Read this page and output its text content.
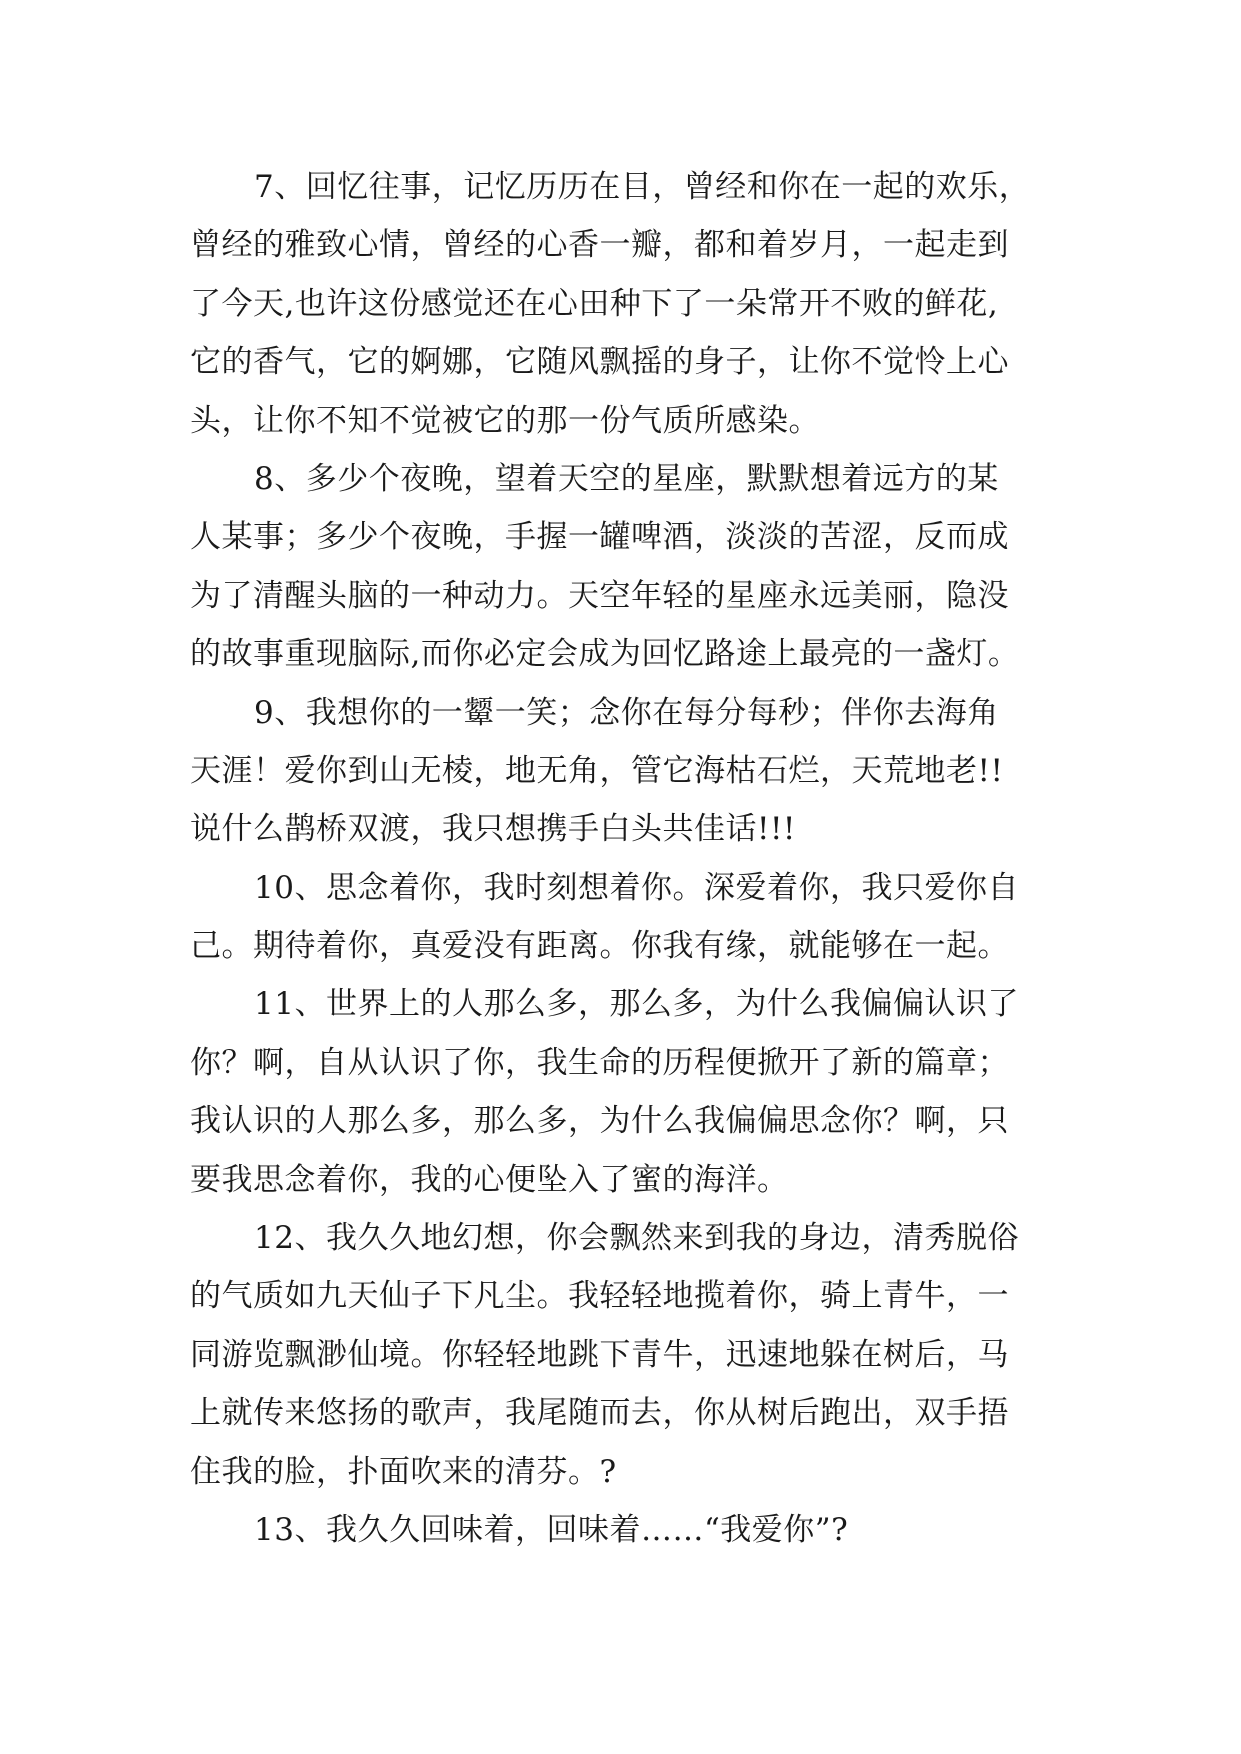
7、回忆往事，记忆历历在目，曾经和你在一起的欢乐，
曾经的雅致心情，曾经的心香一瓣，都和着岁月，一起走到
了今天,也许这份感觉还在心田种下了一朵常开不败的鲜花,
它的香气，它的婀娜，它随风飘摇的身子，让你不觉怜上心
头，让你不知不觉被它的那一份气质所感染。
8、多少个夜晚，望着天空的星座，默默想着远方的某
人某事；多少个夜晚，手握一罐啤酒，淡淡的苦涩，反而成
为了清醒头脑的一种动力。天空年轻的星座永远美丽，隐没
的故事重现脑际,而你必定会成为回忆路途上最亮的一盏灯。
9、我想你的一颦一笑；念你在每分每秒；伴你去海角
天涯！爱你到山无棱，地无角，管它海枯石烂，天荒地老!!
说什么鹊桥双渡，我只想携手白头共佳话!!!
10、思念着你，我时刻想着你。深爱着你，我只爱你自
己。期待着你，真爱没有距离。你我有缘，就能够在一起。
11、世界上的人那么多，那么多，为什么我偏偏认识了
你？啊，自从认识了你，我生命的历程便掀开了新的篇章；
我认识的人那么多，那么多，为什么我偏偏思念你？啊，只
要我思念着你，我的心便坠入了蜜的海洋。
12、我久久地幻想，你会飘然来到我的身边，清秀脱俗
的气质如九天仙子下凡尘。我轻轻地揽着你，骑上青牛，一
同游览飘渺仙境。你轻轻地跳下青牛，迅速地躲在树后，马
上就传来悠扬的歌声，我尾随而去，你从树后跑出，双手捂
住我的脸，扑面吹来的清芬。?
13、我久久回味着，回味着……“我爱你”?
